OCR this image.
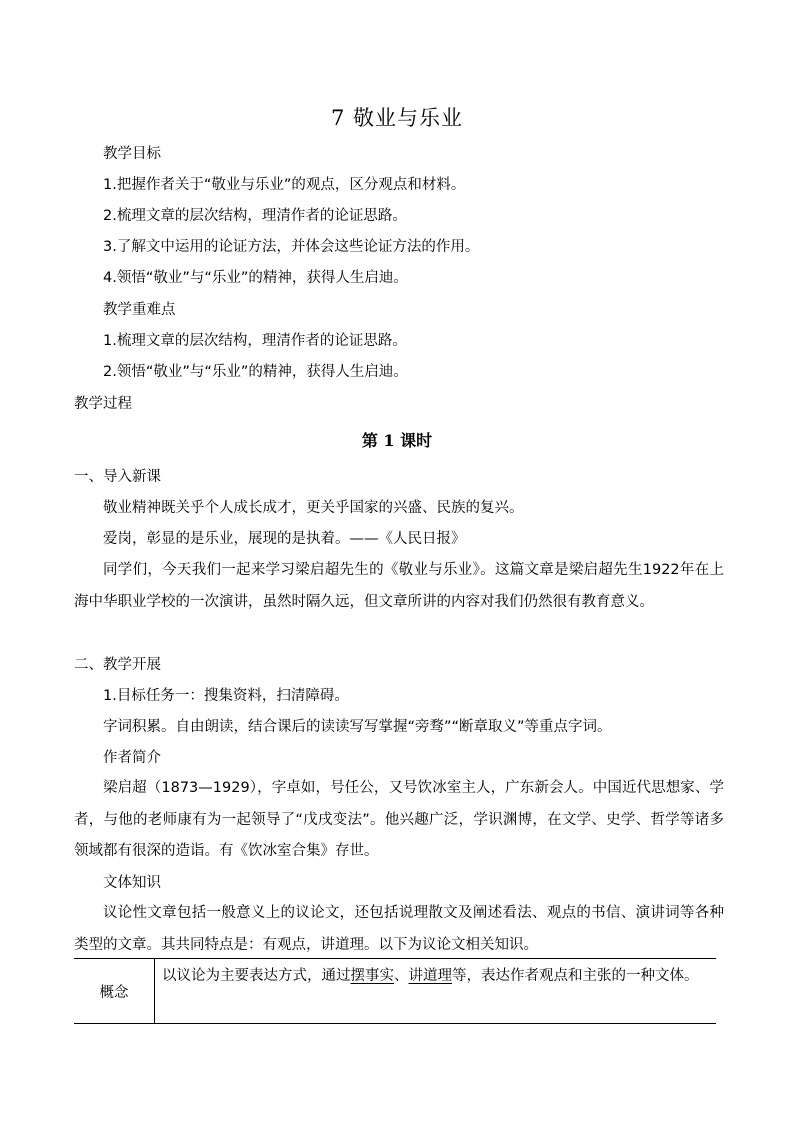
7 敬业与乐业
教学目标
1.把握作者关于“敬业与乐业”的观点，区分观点和材料。
2.梳理文章的层次结构，理清作者的论证思路。
3.了解文中运用的论证方法，并体会这些论证方法的作用。
4.领悟“敬业”与“乐业”的精神，获得人生启迪。
教学重难点
1.梳理文章的层次结构，理清作者的论证思路。
2.领悟“敬业”与“乐业”的精神，获得人生启迪。
教学过程
第 1 课时
一、导入新课
敬业精神既关乎个人成长成才，更关乎国家的兴盛、民族的复兴。
爱岗，彰显的是乐业，展现的是执着。——《人民日报》
同学们，今天我们一起来学习梁启超先生的《敬业与乐业》。这篇文章是梁启超先生1922年在上海中华职业学校的一次演讲，虽然时隔久远，但文章所讲的内容对我们仍然很有教育意义。
二、教学开展
1.目标任务一：搜集资料，扫清障碍。
字词积累。自由朗读，结合课后的读读写写掌握“旁骛”“断章取义”等重点字词。
作者简介
梁启超（1873—1929），字卓如，号任公，又号饮冰室主人，广东新会人。中国近代思想家、学者，与他的老师康有为一起领导了“戊戌变法”。他兴趣广泛，学识渊博，在文学、史学、哲学等诸多领域都有很深的造诣。有《饮冰室合集》存世。
文体知识
议论性文章包括一般意义上的议论文，还包括说理散文及阐述看法、观点的书信、演讲词等各种类型的文章。其共同特点是：有观点，讲道理。以下为议论文相关知识。
概念
以议论为主要表达方式，通过摆事实、讲道理等，表达作者观点和主张的一种文体。
